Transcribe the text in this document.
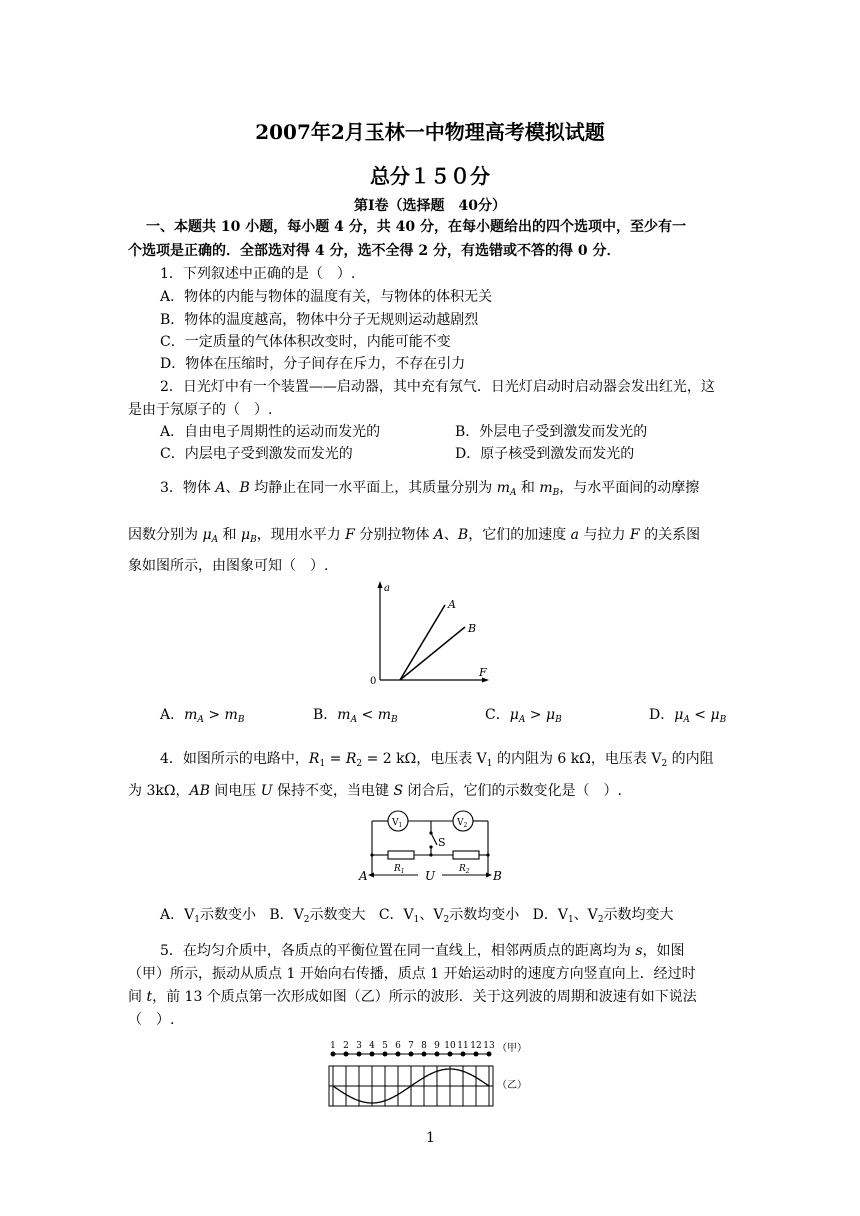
2007年2月玉林一中物理高考模拟试题
总分１５０分
第Ⅰ卷（选择题　40分）
一、本题共 10 小题，每小题 4 分，共 40 分，在每小题给出的四个选项中，至少有一
个选项是正确的．全部选对得 4 分，选不全得 2 分，有选错或不答的得 0 分．
1．下列叙述中正确的是（　）.
A．物体的内能与物体的温度有关，与物体的体积无关
B．物体的温度越高，物体中分子无规则运动越剧烈
C．一定质量的气体体积改变时，内能可能不变
D．物体在压缩时，分子间存在斥力，不存在引力
2．日光灯中有一个装置——启动器，其中充有氖气．日光灯启动时启动器会发出红光，这
是由于氖原子的（　）.
A．自由电子周期性的运动而发光的	B．外层电子受到激发而发光的
C．内层电子受到激发而发光的	D．原子核受到激发而发光的
3．物体 A、B 均静止在同一水平面上，其质量分别为 $m_A$ 和 $m_B$，与水平面间的动摩擦
因数分别为 $\mu_A$ 和 $\mu_B$，现用水平力 F 分别拉物体 A、B，它们的加速度 a 与拉力 F 的关系图
象如图所示，由图象可知（　）.
a
F
0
A
B
A．$m_A > m_B$	B．$m_A < m_B$	C．$\mu_A > \mu_B$	D．$\mu_A < \mu_B$
4．如图所示的电路中，$R_1 = R_2 = 2$ kΩ，电压表 $V_1$ 的内阻为 6 kΩ，电压表 $V_2$ 的内阻
为 3kΩ，AB 间电压 U 保持不变，当电键 S 闭合后，它们的示数变化是（　）.
$V_1$	$V_2$
S
$R_1$	$R_2$
A	U	B
A．$V_1$示数变小 B．$V_2$示数变大 C．$V_1$、$V_2$示数均变小 D．$V_1$、$V_2$示数均变大
5．在均匀介质中，各质点的平衡位置在同一直线上，相邻两质点的距离均为 s，如图
（甲）所示，振动从质点 1 开始向右传播，质点 1 开始运动时的速度方向竖直向上．经过时
间 t，前 13 个质点第一次形成如图（乙）所示的波形．关于这列波的周期和波速有如下说法
（　）.
（甲）
（乙）
1 2 3 4 5 6 7 8 9 10 11 12 13
1
